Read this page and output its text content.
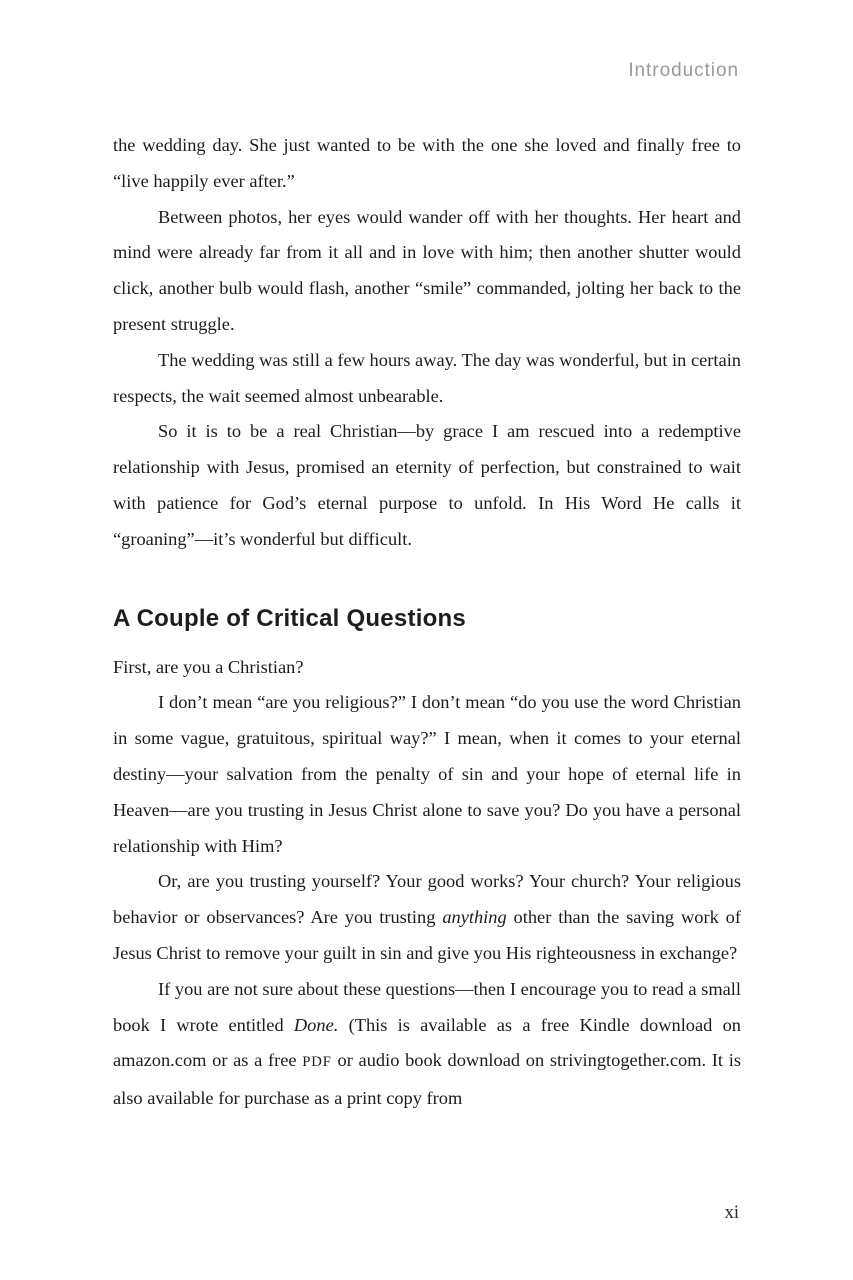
Introduction

the wedding day. She just wanted to be with the one she loved and finally free to “live happily ever after.”

Between photos, her eyes would wander off with her thoughts. Her heart and mind were already far from it all and in love with him; then another shutter would click, another bulb would flash, another “smile” commanded, jolting her back to the present struggle.

The wedding was still a few hours away. The day was wonderful, but in certain respects, the wait seemed almost unbearable.

So it is to be a real Christian—by grace I am rescued into a redemptive relationship with Jesus, promised an eternity of perfection, but constrained to wait with patience for God’s eternal purpose to unfold. In His Word He calls it “groaning”—it’s wonderful but difficult.

A Couple of Critical Questions

First, are you a Christian?

I don’t mean “are you religious?” I don’t mean “do you use the word Christian in some vague, gratuitous, spiritual way?” I mean, when it comes to your eternal destiny—your salvation from the penalty of sin and your hope of eternal life in Heaven—are you trusting in Jesus Christ alone to save you? Do you have a personal relationship with Him?

Or, are you trusting yourself? Your good works? Your church? Your religious behavior or observances? Are you trusting anything other than the saving work of Jesus Christ to remove your guilt in sin and give you His righteousness in exchange?

If you are not sure about these questions—then I encourage you to read a small book I wrote entitled Done. (This is available as a free Kindle download on amazon.com or as a free PDF or audio book download on strivingtogether.com. It is also available for purchase as a print copy from

xi
